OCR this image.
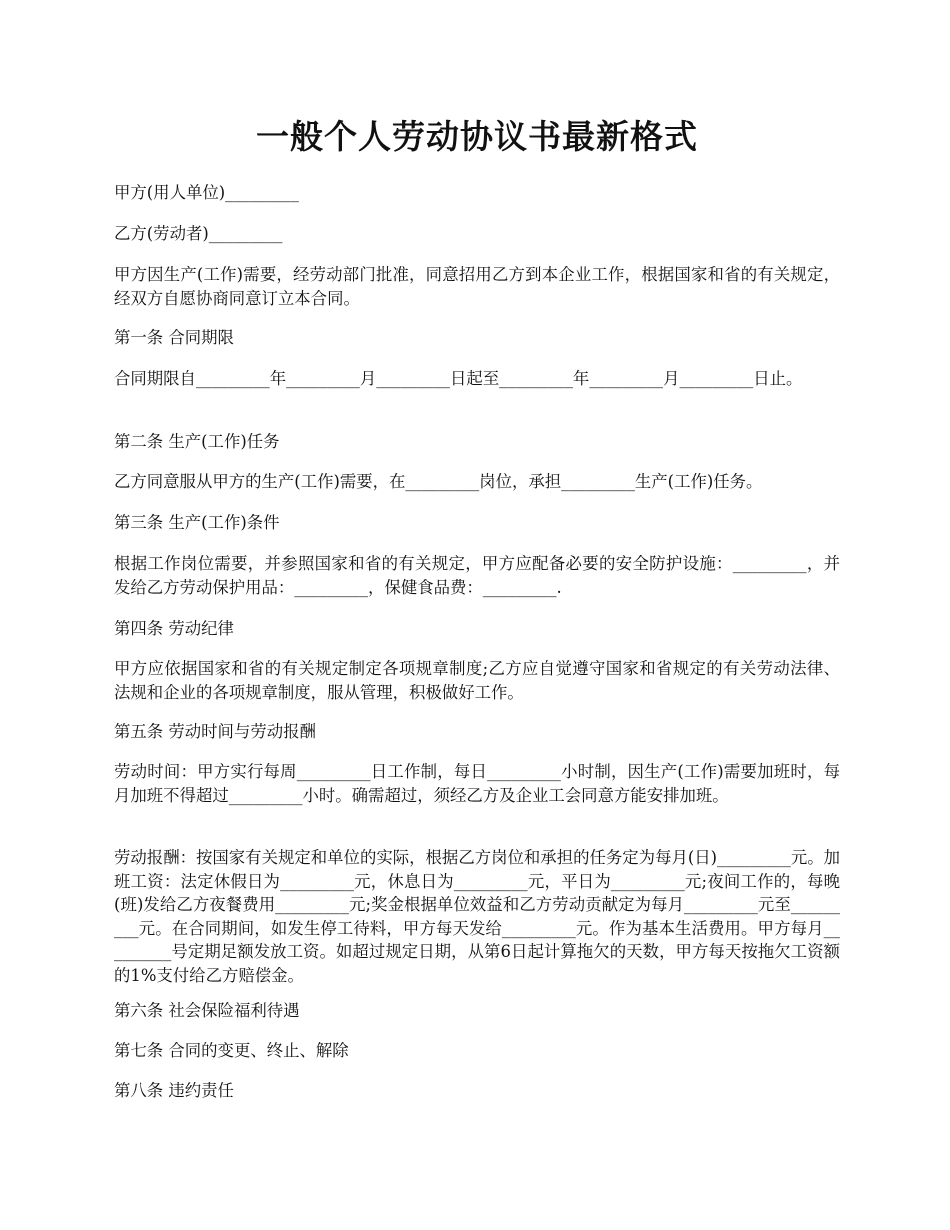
一般个人劳动协议书最新格式

甲方(用人单位)_________

乙方(劳动者)_________

甲方因生产(工作)需要，经劳动部门批准，同意招用乙方到本企业工作，根据国家和省的有关规定，经双方自愿协商同意订立本合同。

第一条 合同期限

合同期限自_________年_________月_________日起至_________年_________月_________日止。

第二条 生产(工作)任务

乙方同意服从甲方的生产(工作)需要，在_________岗位，承担_________生产(工作)任务。

第三条 生产(工作)条件

根据工作岗位需要，并参照国家和省的有关规定，甲方应配备必要的安全防护设施：_________，并发给乙方劳动保护用品：_________，保健食品费：_________.

第四条 劳动纪律

甲方应依据国家和省的有关规定制定各项规章制度;乙方应自觉遵守国家和省规定的有关劳动法律、法规和企业的各项规章制度，服从管理，积极做好工作。

第五条 劳动时间与劳动报酬

劳动时间：甲方实行每周_________日工作制，每日_________小时制，因生产(工作)需要加班时，每月加班不得超过_________小时。确需超过，须经乙方及企业工会同意方能安排加班。

劳动报酬：按国家有关规定和单位的实际，根据乙方岗位和承担的任务定为每月(日)_________元。加班工资：法定休假日为_________元，休息日为_________元，平日为_________元;夜间工作的，每晚(班)发给乙方夜餐费用_________元;奖金根据单位效益和乙方劳动贡献定为每月_________元至_________元。在合同期间，如发生停工待料，甲方每天发给_________元。作为基本生活费用。甲方每月_________号定期足额发放工资。如超过规定日期，从第6日起计算拖欠的天数，甲方每天按拖欠工资额的1%支付给乙方赔偿金。

第六条 社会保险福利待遇

第七条 合同的变更、终止、解除

第八条 违约责任
